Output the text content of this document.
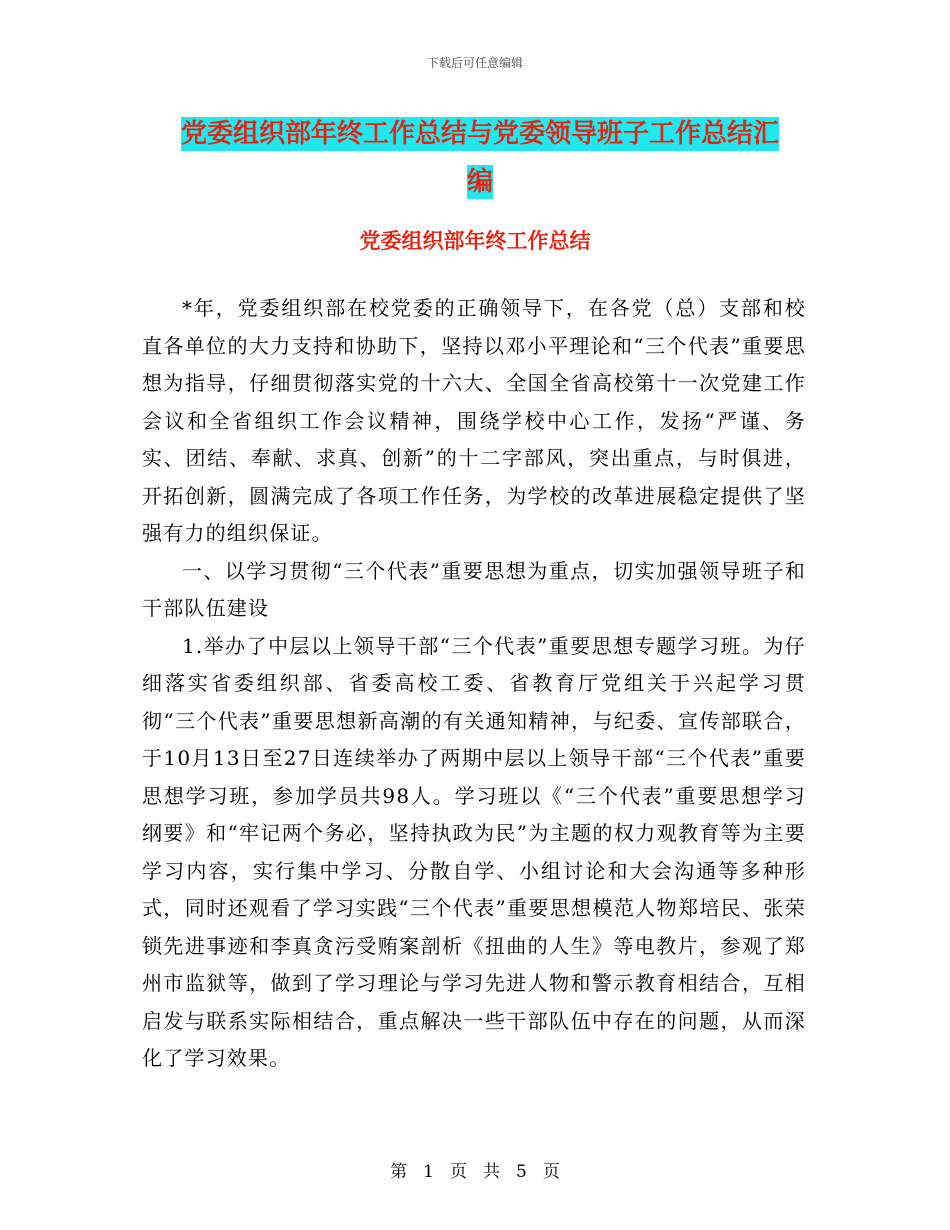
下载后可任意编辑
党委组织部年终工作总结与党委领导班子工作总结汇
编
党委组织部年终工作总结

*年，党委组织部在校党委的正确领导下，在各党（总）支部和校直各单位的大力支持和协助下，坚持以邓小平理论和“三个代表”重要思想为指导，仔细贯彻落实党的十六大、全国全省高校第十一次党建工作会议和全省组织工作会议精神，围绕学校中心工作，发扬“严谨、务实、团结、奉献、求真、创新”的十二字部风，突出重点，与时俱进，开拓创新，圆满完成了各项工作任务，为学校的改革进展稳定提供了坚强有力的组织保证。

一、以学习贯彻“三个代表”重要思想为重点，切实加强领导班子和干部队伍建设

1.举办了中层以上领导干部“三个代表”重要思想专题学习班。为仔细落实省委组织部、省委高校工委、省教育厅党组关于兴起学习贯彻“三个代表”重要思想新高潮的有关通知精神，与纪委、宣传部联合，于10月13日至27日连续举办了两期中层以上领导干部“三个代表”重要思想学习班，参加学员共98人。学习班以《“三个代表”重要思想学习纲要》和“牢记两个务必，坚持执政为民”为主题的权力观教育等为主要学习内容，实行集中学习、分散自学、小组讨论和大会沟通等多种形式，同时还观看了学习实践“三个代表”重要思想模范人物郑培民、张荣锁先进事迹和李真贪污受贿案剖析《扭曲的人生》等电教片，参观了郑州市监狱等，做到了学习理论与学习先进人物和警示教育相结合，互相启发与联系实际相结合，重点解决一些干部队伍中存在的问题，从而深化了学习效果。

第 1 页 共 5 页
